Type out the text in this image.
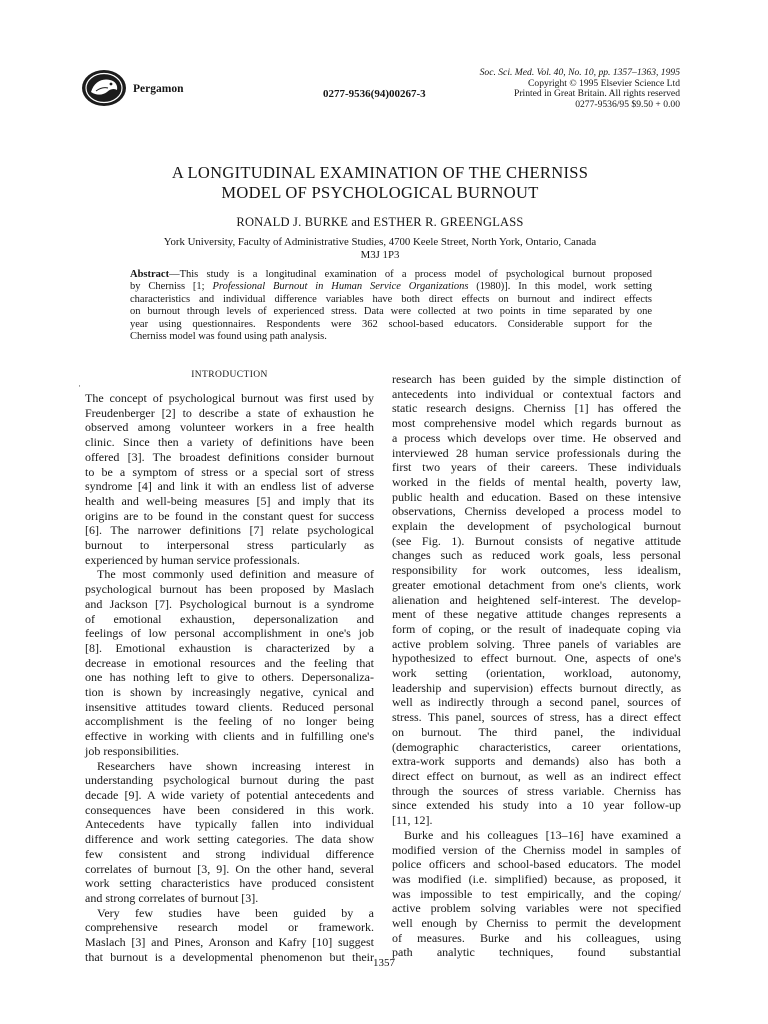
Pergamon	0277-9536(94)00267-3
Soc. Sci. Med. Vol. 40, No. 10, pp. 1357–1363, 1995
Copyright © 1995 Elsevier Science Ltd
Printed in Great Britain. All rights reserved
0277-9536/95 $9.50 + 0.00
A LONGITUDINAL EXAMINATION OF THE CHERNISS
MODEL OF PSYCHOLOGICAL BURNOUT
RONALD J. BURKE and ESTHER R. GREENGLASS
York University, Faculty of Administrative Studies, 4700 Keele Street, North York, Ontario, Canada
M3J 1P3
Abstract—This study is a longitudinal examination of a process model of psychological burnout proposed
by Cherniss [1; Professional Burnout in Human Service Organizations (1980)]. In this model, work setting
characteristics and individual difference variables have both direct effects on burnout and indirect effects
on burnout through levels of experienced stress. Data were collected at two points in time separated by one
year using questionnaires. Respondents were 362 school-based educators. Considerable support for the
Cherniss model was found using path analysis.
·
INTRODUCTION
The concept of psychological burnout was first used by
Freudenberger [2] to describe a state of exhaustion he
observed among volunteer workers in a free health
clinic. Since then a variety of definitions have been
offered [3]. The broadest definitions consider burnout
to be a symptom of stress or a special sort of stress
syndrome [4] and link it with an endless list of adverse
health and well-being measures [5] and imply that its
origins are to be found in the constant quest for success
[6]. The narrower definitions [7] relate psychological
burnout to interpersonal stress particularly as
experienced by human service professionals.
The most commonly used definition and measure of
psychological burnout has been proposed by Maslach
and Jackson [7]. Psychological burnout is a syndrome
of emotional exhaustion, depersonalization and
feelings of low personal accomplishment in one's job
[8]. Emotional exhaustion is characterized by a
decrease in emotional resources and the feeling that
one has nothing left to give to others. Depersonaliza-
tion is shown by increasingly negative, cynical and
insensitive attitudes toward clients. Reduced personal
accomplishment is the feeling of no longer being
effective in working with clients and in fulfilling one's
job responsibilities.
Researchers have shown increasing interest in
understanding psychological burnout during the past
decade [9]. A wide variety of potential antecedents and
consequences have been considered in this work.
Antecedents have typically fallen into individual
difference and work setting categories. The data show
few consistent and strong individual difference
correlates of burnout [3, 9]. On the other hand, several
work setting characteristics have produced consistent
and strong correlates of burnout [3].
Very few studies have been guided by a
comprehensive research model or framework.
Maslach [3] and Pines, Aronson and Kafry [10] suggest
that burnout is a developmental phenomenon but their
research has been guided by the simple distinction of
antecedents into individual or contextual factors and
static research designs. Cherniss [1] has offered the
most comprehensive model which regards burnout as
a process which develops over time. He observed and
interviewed 28 human service professionals during the
first two years of their careers. These individuals
worked in the fields of mental health, poverty law,
public health and education. Based on these intensive
observations, Cherniss developed a process model to
explain the development of psychological burnout
(see Fig. 1). Burnout consists of negative attitude
changes such as reduced work goals, less personal
responsibility for work outcomes, less idealism,
greater emotional detachment from one's clients, work
alienation and heightened self-interest. The develop-
ment of these negative attitude changes represents a
form of coping, or the result of inadequate coping via
active problem solving. Three panels of variables are
hypothesized to effect burnout. One, aspects of one's
work setting (orientation, workload, autonomy,
leadership and supervision) effects burnout directly, as
well as indirectly through a second panel, sources of
stress. This panel, sources of stress, has a direct effect
on burnout. The third panel, the individual
(demographic characteristics, career orientations,
extra-work supports and demands) also has both a
direct effect on burnout, as well as an indirect effect
through the sources of stress variable. Cherniss has
since extended his study into a 10 year follow-up
[11, 12].
Burke and his colleagues [13–16] have examined a
modified version of the Cherniss model in samples of
police officers and school-based educators. The model
was modified (i.e. simplified) because, as proposed, it
was impossible to test empirically, and the coping/
active problem solving variables were not specified
well enough by Cherniss to permit the development
of measures. Burke and his colleagues, using
path analytic techniques, found substantial
1357
